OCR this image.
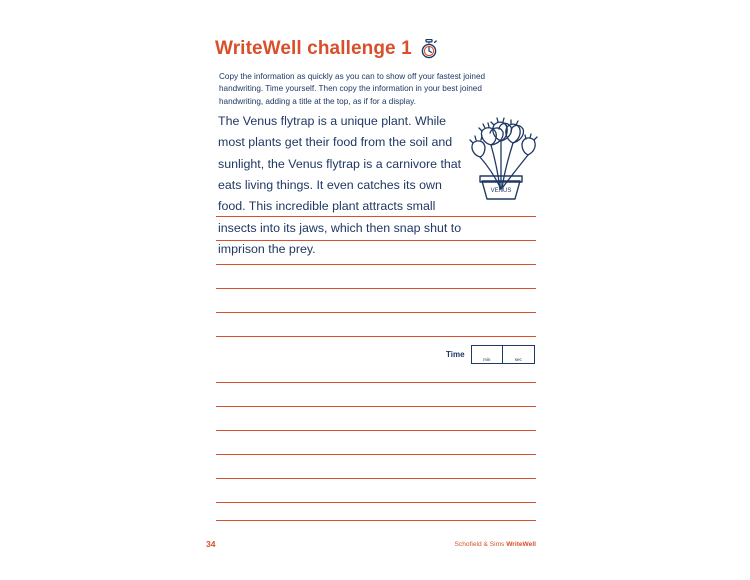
WriteWell challenge 1
Copy the information as quickly as you can to show off your fastest joined handwriting. Time yourself. Then copy the information in your best joined handwriting, adding a title at the top, as if for a display.
The Venus flytrap is a unique plant. While most plants get their food from the soil and sunlight, the Venus flytrap is a carnivore that eats living things. It even catches its own food. This incredible plant attracts small insects into its jaws, which then snap shut to imprison the prey.
VENUS
Time	min	sec
34	Schofield & Sims WriteWell
